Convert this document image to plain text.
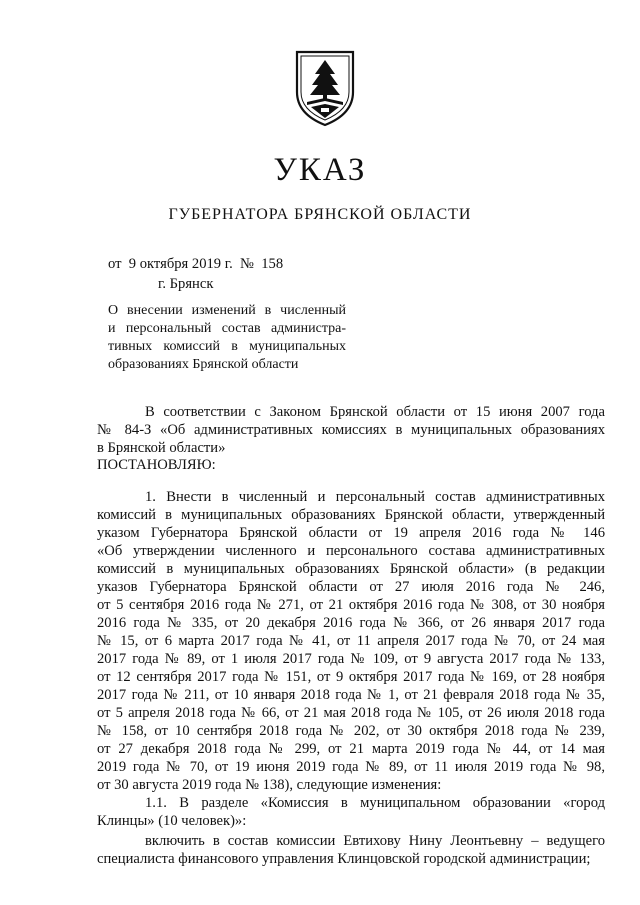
УКАЗ
ГУБЕРНАТОРА БРЯНСКОЙ ОБЛАСТИ
от  9 октября 2019 г.  №  158
г. Брянск
О внесении изменений в численный
и персональный состав администра-
тивных комиссий в муниципальных
образованиях Брянской области
В соответствии с Законом Брянской области от 15 июня 2007 года
№ 84-З «Об административных комиссиях в муниципальных образованиях
в Брянской области»
ПОСТАНОВЛЯЮ:
1. Внести в численный и персональный состав административных
комиссий в муниципальных образованиях Брянской области, утвержденный
указом Губернатора Брянской области от 19 апреля 2016 года № 146
«Об утверждении численного и персонального состава административных
комиссий в муниципальных образованиях Брянской области» (в редакции
указов Губернатора Брянской области от 27 июля 2016 года № 246,
от 5 сентября 2016 года № 271, от 21 октября 2016 года № 308, от 30 ноября
2016 года № 335, от 20 декабря 2016 года № 366, от 26 января 2017 года
№ 15, от 6 марта 2017 года № 41, от 11 апреля 2017 года № 70, от 24 мая
2017 года № 89, от 1 июля 2017 года № 109, от 9 августа 2017 года № 133,
от 12 сентября 2017 года № 151, от 9 октября 2017 года № 169, от 28 ноября
2017 года № 211, от 10 января 2018 года № 1, от 21 февраля 2018 года № 35,
от 5 апреля 2018 года № 66, от 21 мая 2018 года № 105, от 26 июля 2018 года
№ 158, от 10 сентября 2018 года № 202, от 30 октября 2018 года № 239,
от 27 декабря 2018 года № 299, от 21 марта 2019 года № 44, от 14 мая
2019 года № 70, от 19 июня 2019 года № 89, от 11 июля 2019 года № 98,
от 30 августа 2019 года № 138), следующие изменения:
1.1. В разделе «Комиссия в муниципальном образовании «город
Клинцы» (10 человек)»:
включить в состав комиссии Евтихову Нину Леонтьевну – ведущего
специалиста финансового управления Клинцовской городской администрации;
